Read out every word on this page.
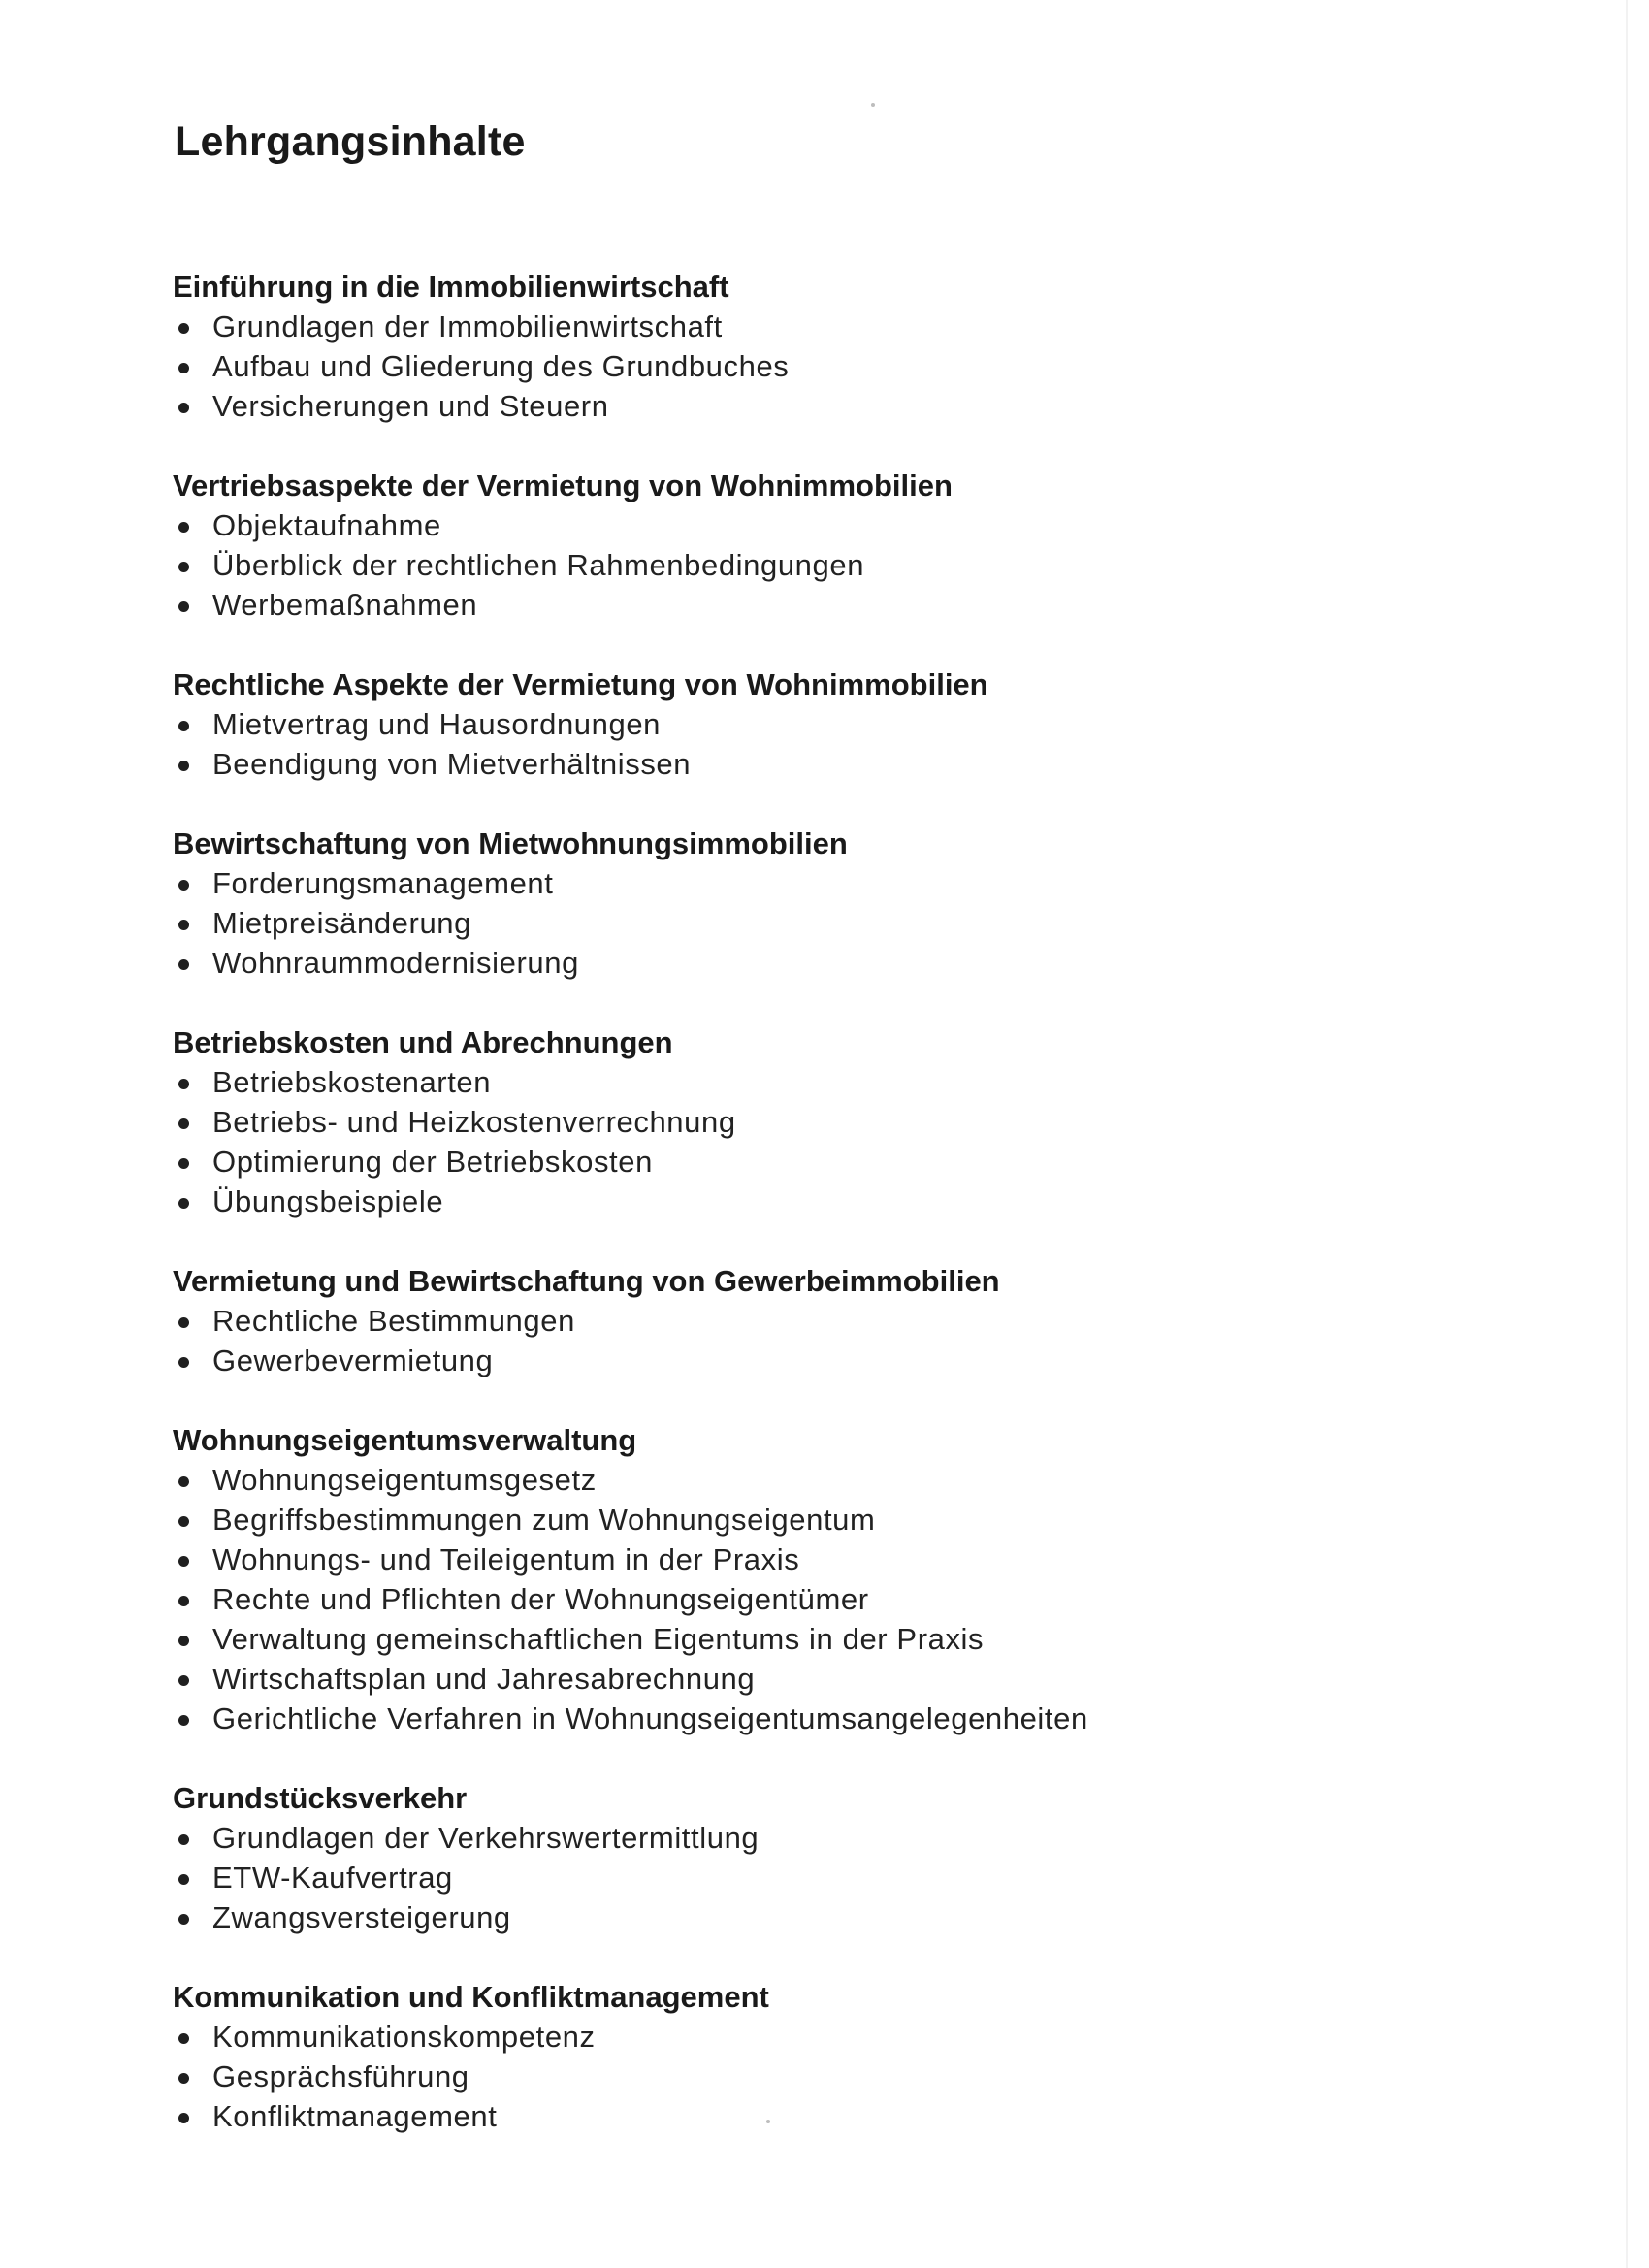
Lehrgangsinhalte
Einführung in die Immobilienwirtschaft
Grundlagen der Immobilienwirtschaft
Aufbau und Gliederung des Grundbuches
Versicherungen und Steuern
Vertriebsaspekte der Vermietung von Wohnimmobilien
Objektaufnahme
Überblick der rechtlichen Rahmenbedingungen
Werbemaßnahmen
Rechtliche Aspekte der Vermietung von Wohnimmobilien
Mietvertrag und Hausordnungen
Beendigung von Mietverhältnissen
Bewirtschaftung von Mietwohnungsimmobilien
Forderungsmanagement
Mietpreisänderung
Wohnraummodernisierung
Betriebskosten und Abrechnungen
Betriebskostenarten
Betriebs- und Heizkostenverrechnung
Optimierung der Betriebskosten
Übungsbeispiele
Vermietung und Bewirtschaftung von Gewerbeimmobilien
Rechtliche Bestimmungen
Gewerbevermietung
Wohnungseigentumsverwaltung
Wohnungseigentumsgesetz
Begriffsbestimmungen zum Wohnungseigentum
Wohnungs- und Teileigentum in der Praxis
Rechte und Pflichten der Wohnungseigentümer
Verwaltung gemeinschaftlichen Eigentums in der Praxis
Wirtschaftsplan und Jahresabrechnung
Gerichtliche Verfahren in Wohnungseigentumsangelegenheiten
Grundstücksverkehr
Grundlagen der Verkehrswertermittlung
ETW-Kaufvertrag
Zwangsversteigerung
Kommunikation und Konfliktmanagement
Kommunikationskompetenz
Gesprächsführung
Konfliktmanagement
